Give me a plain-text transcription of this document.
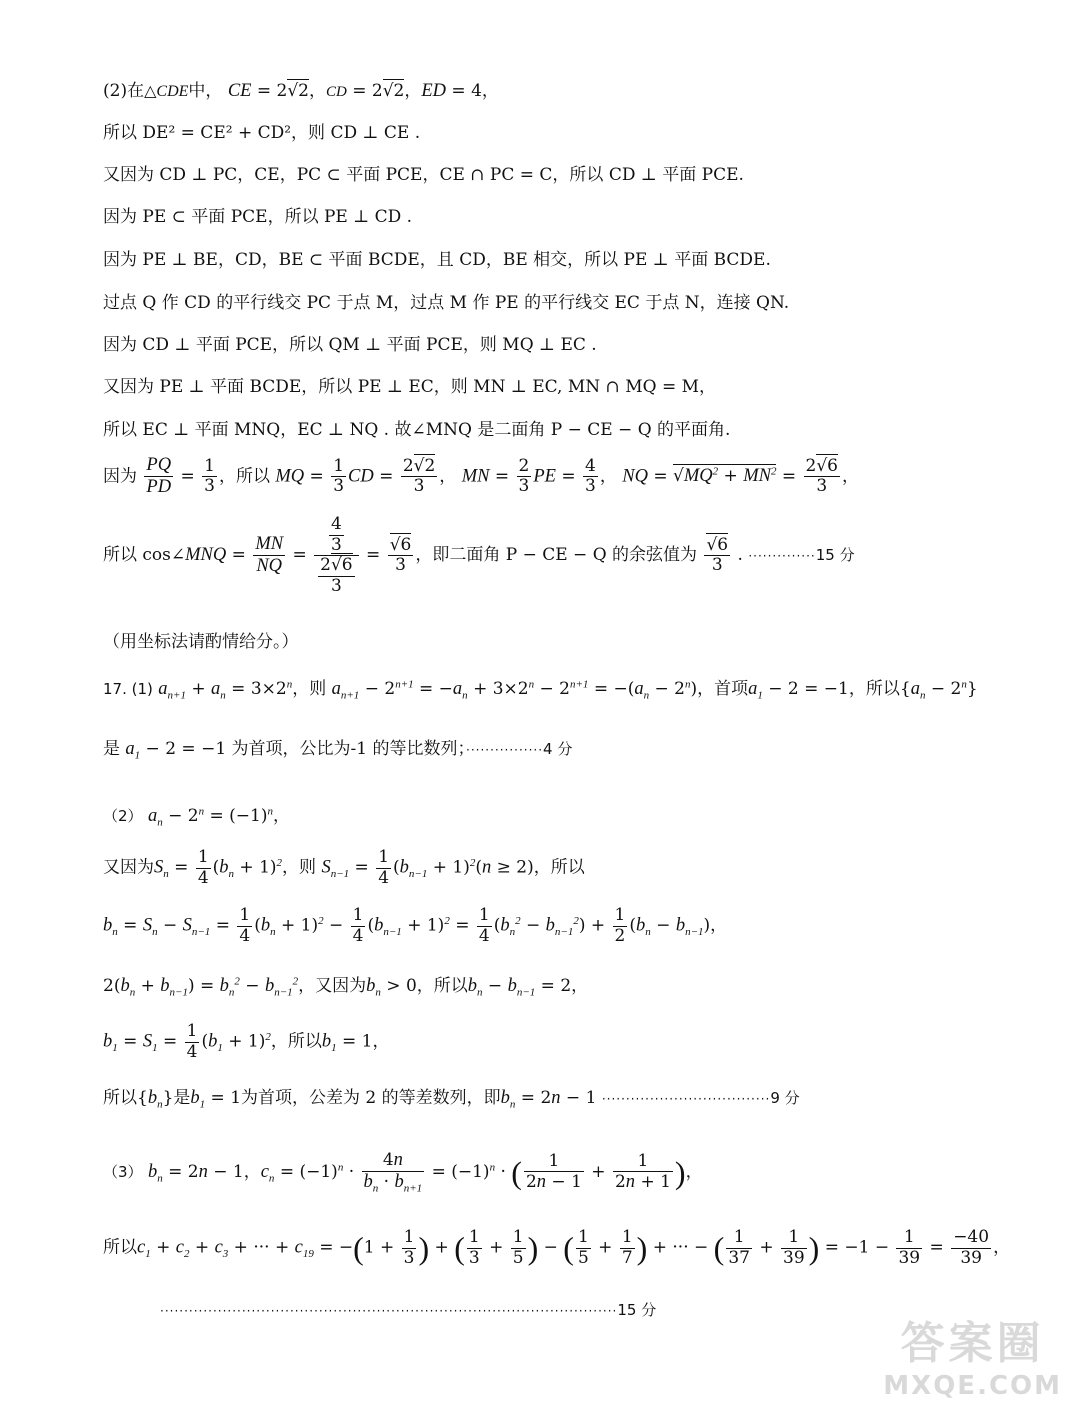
(2)在△CDE中， CE = 2√2，CD = 2√2，ED = 4，
所以 DE² = CE² + CD²，则 CD ⊥ CE .
又因为 CD ⊥ PC，CE，PC ⊂ 平面 PCE，CE ∩ PC = C，所以 CD ⊥ 平面 PCE.
因为 PE ⊂ 平面 PCE，所以 PE ⊥ CD .
因为 PE ⊥ BE，CD，BE ⊂ 平面 BCDE，且 CD，BE 相交，所以 PE ⊥ 平面 BCDE.
过点 Q 作 CD 的平行线交 PC 于点 M，过点 M 作 PE 的平行线交 EC 于点 N，连接 QN.
因为 CD ⊥ 平面 PCE，所以 QM ⊥ 平面 PCE，则 MQ ⊥ EC .
又因为 PE ⊥ 平面 BCDE，所以 PE ⊥ EC，则 MN ⊥ EC, MN ∩ MQ = M，
所以 EC ⊥ 平面 MNQ，EC ⊥ NQ . 故∠MNQ 是二面角 P − CE − Q 的平面角.
因为 $\frac{PQ}{PD} = \frac{1}{3}$ ，所以 MQ = $\frac{1}{3}$ CD = $\frac{2√2}{3}$ ， MN = $\frac{2}{3}$ PE = $\frac{4}{3}$ ， NQ = $√MQ^2 + MN^2 = \frac{2√6}{3}$ ，
所以 cos∠MNQ = $\frac{MN}{NQ} = \frac{\frac{4}{3}}{\frac{2√6}{3}} = \frac{√6}{3}$ ，即二面角 P − CE − Q 的余弦值为 $\frac{√6}{3}$ . ··············15 分
（用坐标法请酌情给分。）
17. (1) $a_{n+1} + a_n = 3\times 2^n$，则 $a_{n+1} - 2^{n+1} = -a_n + 3\times 2^n - 2^{n+1} = -(a_n - 2^n)$，首项$a_1 - 2 = -1$，所以$\{a_n - 2^n\}$
是 $a_1 - 2 = -1$ 为首项，公比为-1 的等比数列；················4 分
（2） $a_n - 2^n = (-1)^n$，
又因为$S_n = \frac{1}{4} (b_n + 1)^2$，则 $S_{n-1} = \frac{1}{4} (b_{n-1} + 1)^2(n \ge 2)$，所以
$b_n = S_n - S_{n-1} = \frac{1}{4} (b_n + 1)^2 - \frac{1}{4} (b_{n-1} + 1)^2 = \frac{1}{4} (b_n^2 - b_{n-1}^2) + \frac{1}{2} (b_n - b_{n-1})$，
$2(b_n + b_{n-1}) = b_n^2 - b_{n-1}^2$，又因为$b_n > 0$，所以$b_n - b_{n-1} = 2$，
$b_1 = S_1 = \frac{1}{4} (b_1 + 1)^2$，所以$b_1 = 1$，
所以$\{b_n\}$是$b_1 = 1$为首项，公差为 2 的等差数列，即$b_n = 2n - 1 \cdot\cdot\cdot\cdot\cdot\cdot\cdot\cdot\cdot\cdot\cdot\cdot\cdot\cdot\cdot\cdot\cdot\cdot\cdot\cdot\cdot\cdot\cdot\cdot\cdot\cdot\cdot\cdot\cdot\cdot\cdot\cdot\cdot\cdot\cdot 9$ 分
（3） $b_n = 2n - 1$，$c_n = (-1)^n \cdot \frac{4n}{b_n \cdot b_{n+1}} = (-1)^n$ · ( $\frac{1}{2n - 1} + \frac{1}{2n + 1}$ )，
所以$c_1 + c_2 + c_3$ + ··· + $c_{19} = -(1 + \frac{1}{3}$ ) + ( $\frac{1}{3} + \frac{1}{5}$ ) − ( $\frac{1}{5} + \frac{1}{7}$ ) + ··· − ( $\frac{1}{37} + \frac{1}{39}$ ) = $-1 - \frac{1}{39} = \frac{-40}{39}$ ，
·······························································································15 分
答案圈
MXQE.COM
